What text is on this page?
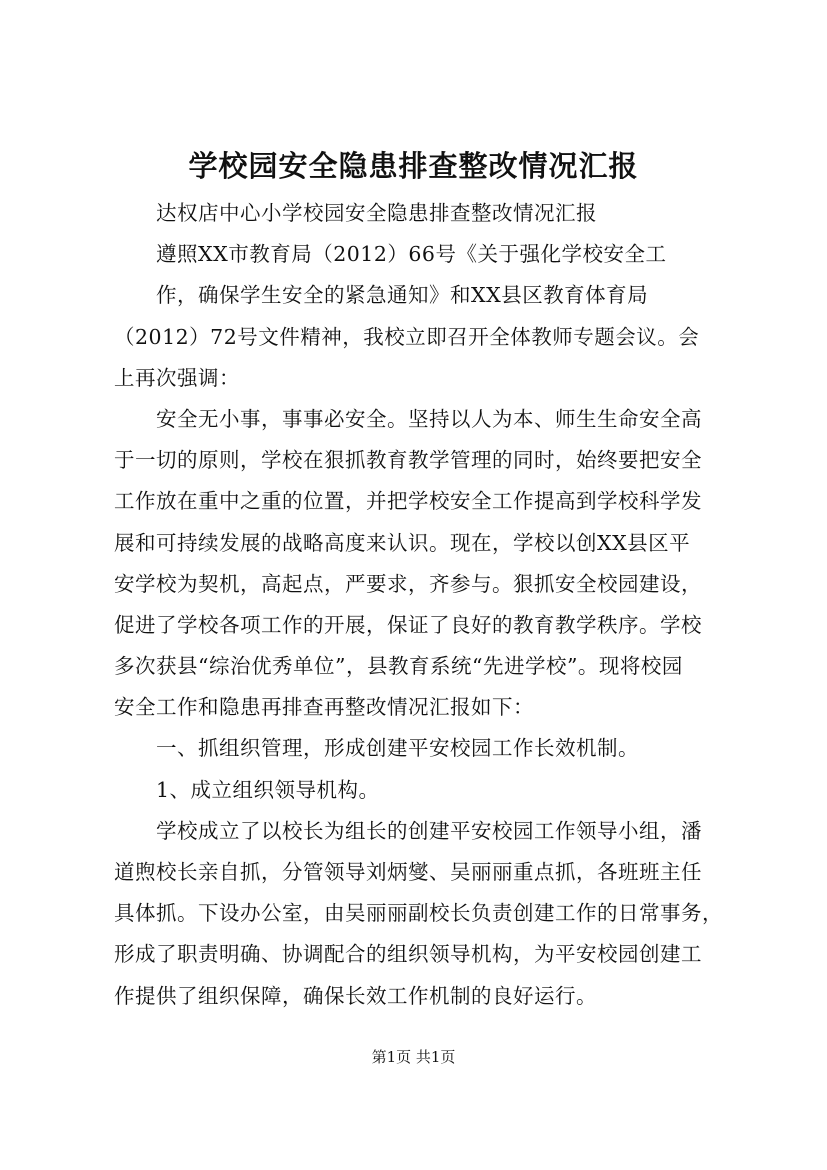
学校园安全隐患排查整改情况汇报

达权店中心小学校园安全隐患排查整改情况汇报

遵照XX市教育局（2012）66号《关于强化学校安全工

作，确保学生安全的紧急通知》和XX县区教育体育局

（2012）72号文件精神，我校立即召开全体教师专题会议。会

上再次强调：

安全无小事，事事必安全。坚持以人为本、师生生命安全高

于一切的原则，学校在狠抓教育教学管理的同时，始终要把安全

工作放在重中之重的位置，并把学校安全工作提高到学校科学发

展和可持续发展的战略高度来认识。现在，学校以创XX县区平

安学校为契机，高起点，严要求，齐参与。狠抓安全校园建设，

促进了学校各项工作的开展，保证了良好的教育教学秩序。学校

多次获县“综治优秀单位”，县教育系统“先进学校”。现将校园

安全工作和隐患再排查再整改情况汇报如下：

一、抓组织管理，形成创建平安校园工作长效机制。

1、成立组织领导机构。

学校成立了以校长为组长的创建平安校园工作领导小组，潘

道煦校长亲自抓，分管领导刘炳燮、吴丽丽重点抓，各班班主任

具体抓。下设办公室，由吴丽丽副校长负责创建工作的日常事务，

形成了职责明确、协调配合的组织领导机构，为平安校园创建工

作提供了组织保障，确保长效工作机制的良好运行。

第1页 共1页
